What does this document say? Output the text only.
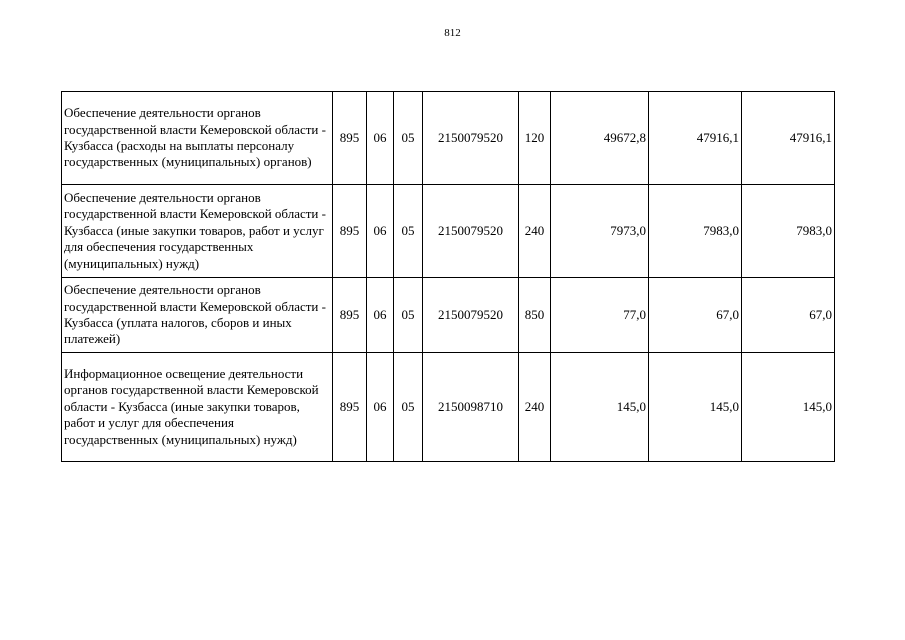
812
Обеспечение деятельности органов государственной власти Кемеровской области - Кузбасса (расходы на выплаты персоналу государственных (муниципальных) органов)	895	06	05	2150079520	120	49672,8	47916,1	47916,1
Обеспечение деятельности органов государственной власти Кемеровской области - Кузбасса (иные закупки товаров, работ и услуг для обеспечения государственных (муниципальных) нужд)	895	06	05	2150079520	240	7973,0	7983,0	7983,0
Обеспечение деятельности органов государственной власти Кемеровской области - Кузбасса (уплата налогов, сборов и иных платежей)	895	06	05	2150079520	850	77,0	67,0	67,0
Информационное освещение деятельности органов государственной власти Кемеровской области - Кузбасса (иные закупки товаров, работ и услуг для обеспечения государственных (муниципальных) нужд)	895	06	05	2150098710	240	145,0	145,0	145,0
